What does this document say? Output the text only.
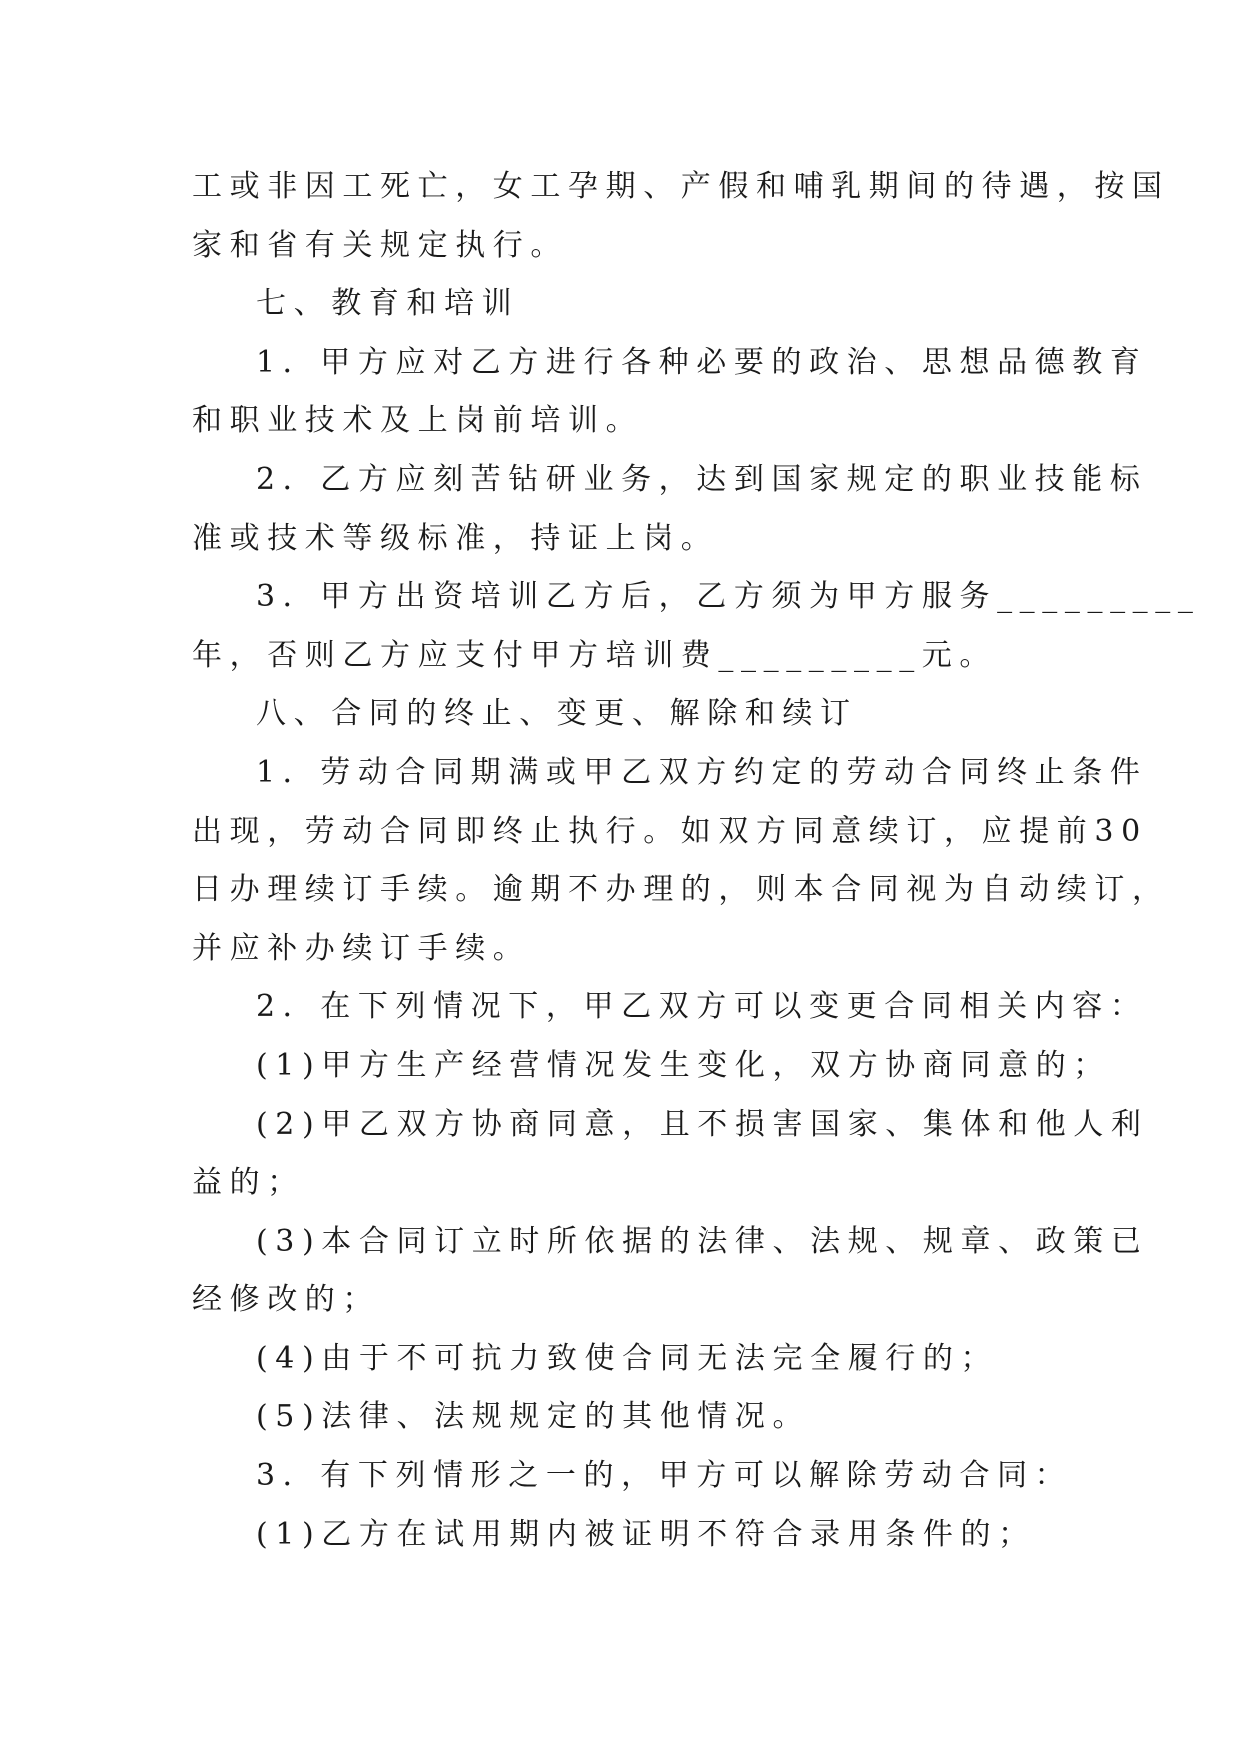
工或非因工死亡，女工孕期、产假和哺乳期间的待遇，按国
家和省有关规定执行。
七、教育和培训
1．甲方应对乙方进行各种必要的政治、思想品德教育
和职业技术及上岗前培训。
2．乙方应刻苦钻研业务，达到国家规定的职业技能标
准或技术等级标准，持证上岗。
3．甲方出资培训乙方后，乙方须为甲方服务_________
年，否则乙方应支付甲方培训费_________元。
八、合同的终止、变更、解除和续订
1．劳动合同期满或甲乙双方约定的劳动合同终止条件
出现，劳动合同即终止执行。如双方同意续订，应提前30
日办理续订手续。逾期不办理的，则本合同视为自动续订，
并应补办续订手续。
2．在下列情况下，甲乙双方可以变更合同相关内容：
(1)甲方生产经营情况发生变化，双方协商同意的；
(2)甲乙双方协商同意，且不损害国家、集体和他人利
益的；
(3)本合同订立时所依据的法律、法规、规章、政策已
经修改的；
(4)由于不可抗力致使合同无法完全履行的；
(5)法律、法规规定的其他情况。
3．有下列情形之一的，甲方可以解除劳动合同：
(1)乙方在试用期内被证明不符合录用条件的；
